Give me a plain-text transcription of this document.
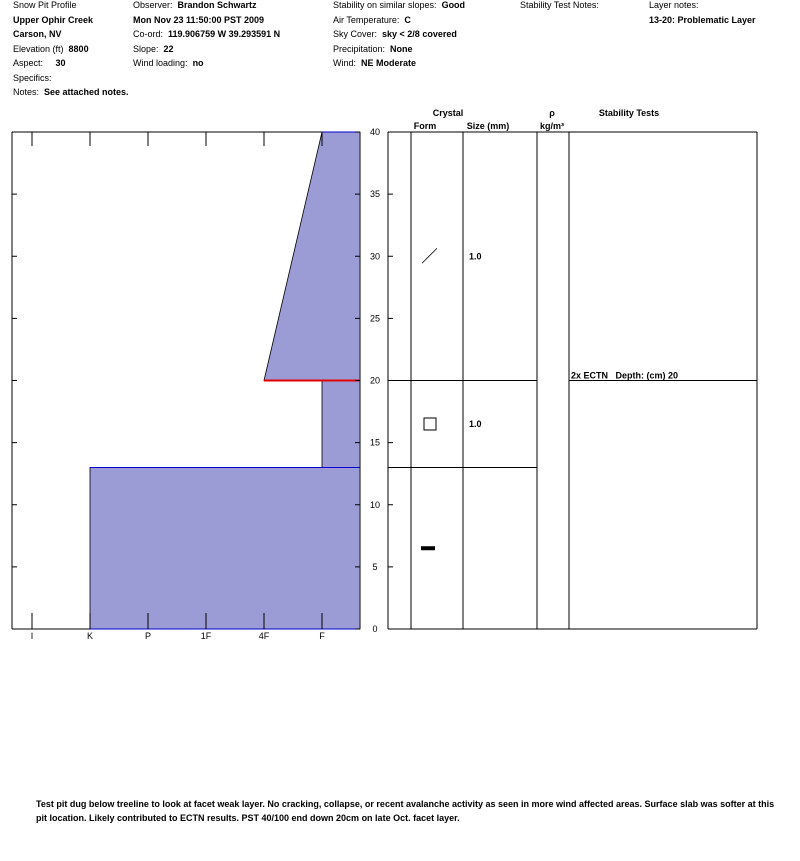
Snow Pit Profile
Upper Ophir Creek
Carson, NV
Elevation (ft) 8800
Aspect: 30
Specifics:
Notes: See attached notes.
Observer: Brandon Schwartz
Mon Nov 23 11:50:00 PST 2009
Co-ord: 119.906759 W 39.293591 N
Slope: 22
Wind loading: no
Stability on similar slopes: Good
Air Temperature: C
Sky Cover: sky < 2/8 covered
Precipitation: None
Wind: NE Moderate
Stability Test Notes:	Layer notes:
13-20: Problematic Layer
0
5
10
15
20
25
30
35
40
I	K	P	1F	4F	F
Crystal
Form	Size (mm)
ρ
kg/m³
Stability Tests
1.0
1.0
2x ECTN   Depth: (cm) 20
Test pit dug below treeline to look at facet weak layer. No cracking, collapse, or recent avalanche activity as seen in more wind affected areas. Surface slab was softer at this pit location. Likely contributed to ECTN results. PST 40/100 end down 20cm on late Oct. facet layer.
